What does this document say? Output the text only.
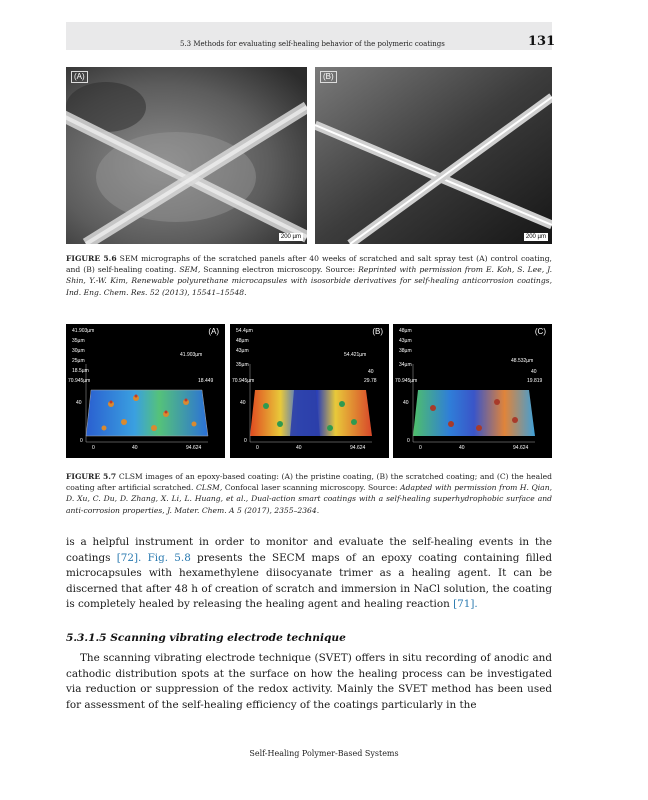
5.3 Methods for evaluating self-healing behavior of the polymeric coatings	131
(A)
200 µm
(B)
200 µm
FIGURE 5.6 SEM micrographs of the scratched panels after 40 weeks of scratched and salt spray test (A) control coating, and (B) self-healing coating. SEM, Scanning electron microscopy. Source: Reprinted with permission from E. Koh, S. Lee, J. Shin, Y.-W. Kim, Renewable polyurethane microcapsules with isosorbide derivatives for self-healing anticorrosion coatings, Ind. Eng. Chem. Res. 52 (2013), 15541–15548.
(A)
41.903µm
35µm
30µm
25µm
18.5µm
70.945µm
41.903µm
18.449
40
0
0	40	94.624
(B)
54.4µm
48µm
43µm
35µm
70.945µm
54.421µm
40
29.78
40
0
0	40	94.624
(C)
48µm
43µm
38µm
34µm
70.945µm
48.532µm
40
19.819
40
0
0	40	94.624
FIGURE 5.7 CLSM images of an epoxy-based coating: (A) the pristine coating, (B) the scratched coating; and (C) the healed coating after artificial scratched. CLSM, Confocal laser scanning microscopy. Source: Adapted with permission from H. Qian, D. Xu, C. Du, D. Zhang, X. Li, L. Huang, et al., Dual-action smart coatings with a self-healing superhydrophobic surface and anti-corrosion properties, J. Mater. Chem. A 5 (2017), 2355–2364.
is a helpful instrument in order to monitor and evaluate the self-healing events in the coatings [72]. Fig. 5.8 presents the SECM maps of an epoxy coating containing filled microcapsules with hexamethylene diisocyanate trimer as a healing agent. It can be discerned that after 48 h of creation of scratch and immersion in NaCl solution, the coating is completely healed by releasing the healing agent and healing reaction [71].
5.3.1.5 Scanning vibrating electrode technique
The scanning vibrating electrode technique (SVET) offers in situ recording of anodic and cathodic distribution spots at the surface on how the healing process can be investigated via reduction or suppression of the redox activity. Mainly the SVET method has been used for assessment of the self-healing efficiency of the coatings particularly in the
Self-Healing Polymer-Based Systems
